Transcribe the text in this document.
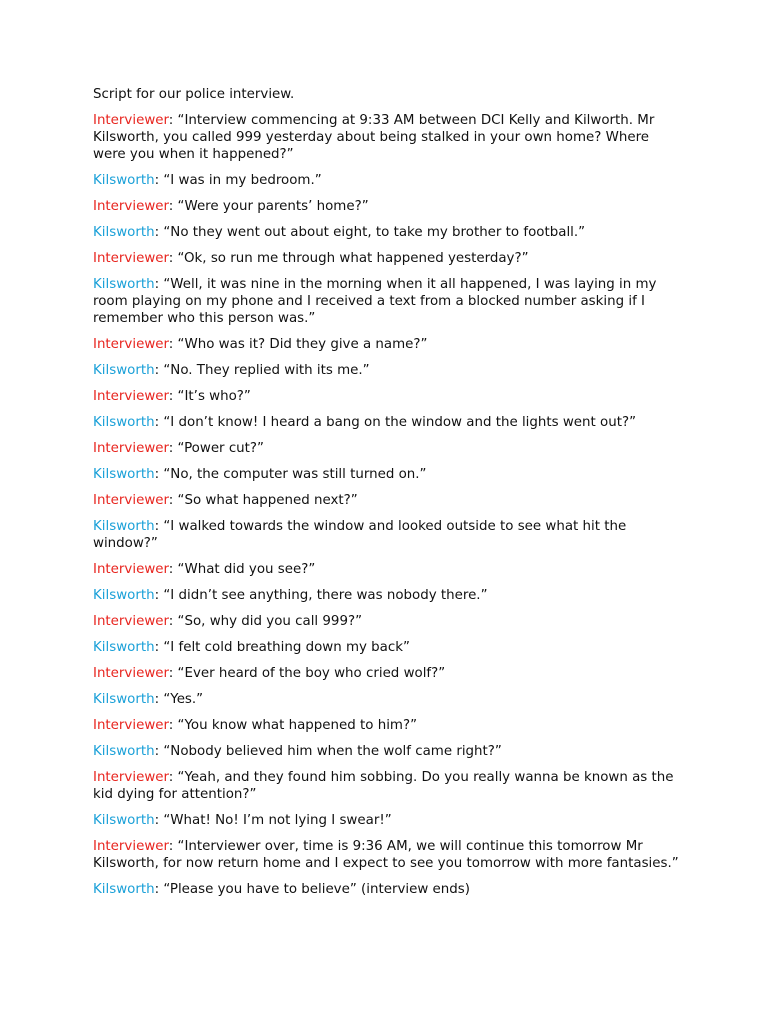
Script for our police interview.

Interviewer: “Interview commencing at 9:33 AM between DCI Kelly and Kilworth. Mr Kilsworth, you called 999 yesterday about being stalked in your own home? Where were you when it happened?”

Kilsworth: “I was in my bedroom.”

Interviewer: “Were your parents’ home?”

Kilsworth: “No they went out about eight, to take my brother to football.”

Interviewer: “Ok, so run me through what happened yesterday?”

Kilsworth: “Well, it was nine in the morning when it all happened, I was laying in my room playing on my phone and I received a text from a blocked number asking if I remember who this person was.”

Interviewer: “Who was it? Did they give a name?”

Kilsworth: “No. They replied with its me.”

Interviewer: “It’s who?”

Kilsworth: “I don’t know! I heard a bang on the window and the lights went out?”

Interviewer: “Power cut?”

Kilsworth: “No, the computer was still turned on.”

Interviewer: “So what happened next?”

Kilsworth: “I walked towards the window and looked outside to see what hit the window?”

Interviewer: “What did you see?”

Kilsworth: “I didn’t see anything, there was nobody there.”

Interviewer: “So, why did you call 999?”

Kilsworth: “I felt cold breathing down my back”

Interviewer: “Ever heard of the boy who cried wolf?”

Kilsworth: “Yes.”

Interviewer: “You know what happened to him?”

Kilsworth: “Nobody believed him when the wolf came right?”

Interviewer: “Yeah, and they found him sobbing. Do you really wanna be known as the kid dying for attention?”

Kilsworth: “What! No! I’m not lying I swear!”

Interviewer: “Interviewer over, time is 9:36 AM, we will continue this tomorrow Mr Kilsworth, for now return home and I expect to see you tomorrow with more fantasies.”

Kilsworth: “Please you have to believe” (interview ends)
